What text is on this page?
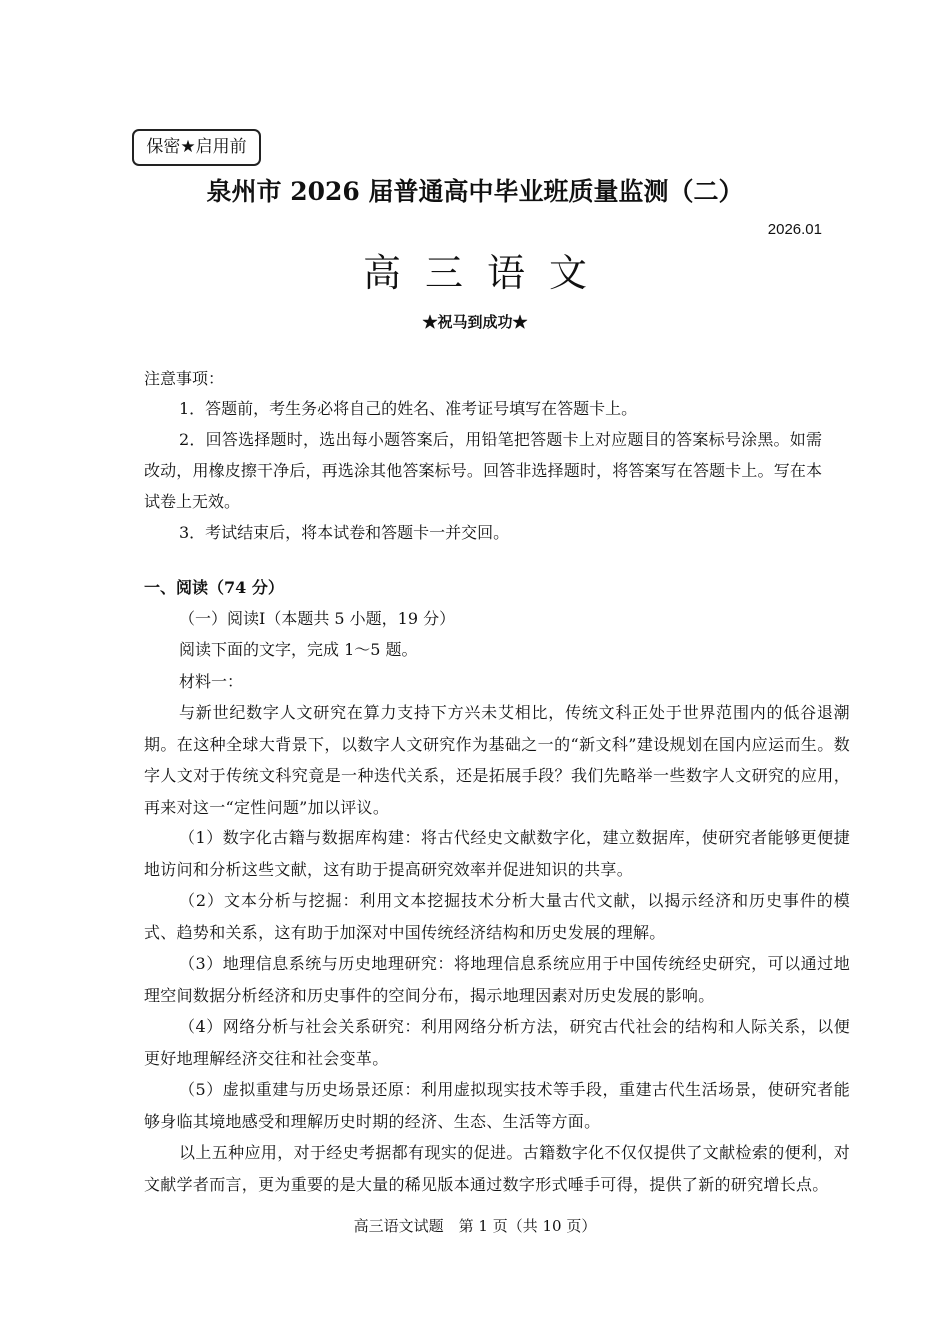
保密★启用前
泉州市 2026 届普通高中毕业班质量监测（二）
2026.01
高三语文
★祝马到成功★
注意事项：
1．答题前，考生务必将自己的姓名、准考证号填写在答题卡上。
2．回答选择题时，选出每小题答案后，用铅笔把答题卡上对应题目的答案标号涂黑。如需改动，用橡皮擦干净后，再选涂其他答案标号。回答非选择题时，将答案写在答题卡上。写在本试卷上无效。
3．考试结束后，将本试卷和答题卡一并交回。
一、阅读（74 分）
（一）阅读Ⅰ（本题共 5 小题，19 分）
阅读下面的文字，完成 1～5 题。
材料一：
与新世纪数字人文研究在算力支持下方兴未艾相比，传统文科正处于世界范围内的低谷退潮期。在这种全球大背景下，以数字人文研究作为基础之一的“新文科”建设规划在国内应运而生。数字人文对于传统文科究竟是一种迭代关系，还是拓展手段？我们先略举一些数字人文研究的应用，再来对这一“定性问题”加以评议。
（1）数字化古籍与数据库构建：将古代经史文献数字化，建立数据库，使研究者能够更便捷地访问和分析这些文献，这有助于提高研究效率并促进知识的共享。
（2）文本分析与挖掘：利用文本挖掘技术分析大量古代文献，以揭示经济和历史事件的模式、趋势和关系，这有助于加深对中国传统经济结构和历史发展的理解。
（3）地理信息系统与历史地理研究：将地理信息系统应用于中国传统经史研究，可以通过地理空间数据分析经济和历史事件的空间分布，揭示地理因素对历史发展的影响。
（4）网络分析与社会关系研究：利用网络分析方法，研究古代社会的结构和人际关系，以便更好地理解经济交往和社会变革。
（5）虚拟重建与历史场景还原：利用虚拟现实技术等手段，重建古代生活场景，使研究者能够身临其境地感受和理解历史时期的经济、生态、生活等方面。
以上五种应用，对于经史考据都有现实的促进。古籍数字化不仅仅提供了文献检索的便利，对文献学者而言，更为重要的是大量的稀见版本通过数字形式唾手可得，提供了新的研究增长点。
高三语文试题　第 1 页（共 10 页）
